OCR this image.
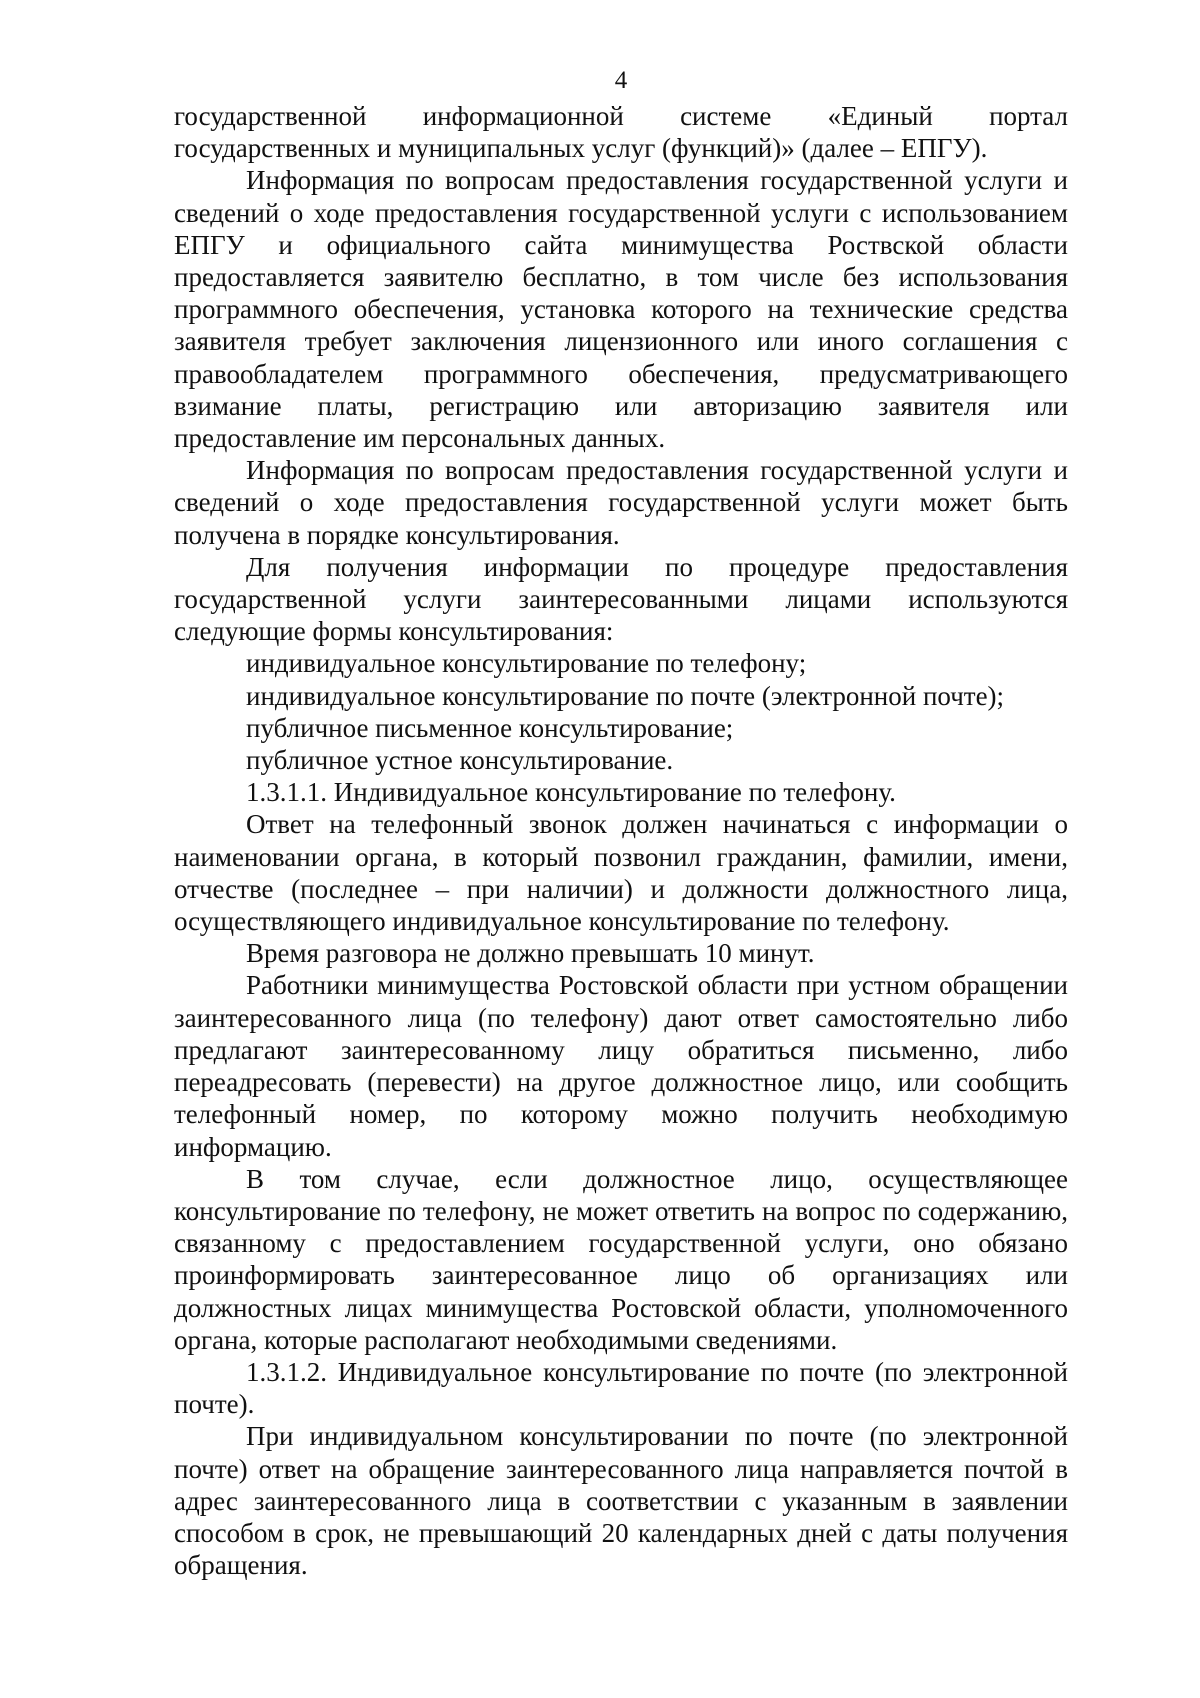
4

государственной информационной системе «Единый портал государственных и муниципальных услуг (функций)» (далее – ЕПГУ).

Информация по вопросам предоставления государственной услуги и сведений о ходе предоставления государственной услуги с использованием ЕПГУ и официального сайта минимущества Роствской области предоставляется заявителю бесплатно, в том числе без использования программного обеспечения, установка которого на технические средства заявителя требует заключения лицензионного или иного соглашения с правообладателем программного обеспечения, предусматривающего взимание платы, регистрацию или авторизацию заявителя или предоставление им персональных данных.

Информация по вопросам предоставления государственной услуги и сведений о ходе предоставления государственной услуги может быть получена в порядке консультирования.

Для получения информации по процедуре предоставления государственной услуги заинтересованными лицами используются следующие формы консультирования:

индивидуальное консультирование по телефону;

индивидуальное консультирование по почте (электронной почте);

публичное письменное консультирование;

публичное устное консультирование.

1.3.1.1. Индивидуальное консультирование по телефону.

Ответ на телефонный звонок должен начинаться с информации о наименовании органа, в который позвонил гражданин, фамилии, имени, отчестве (последнее – при наличии) и должности должностного лица, осуществляющего индивидуальное консультирование по телефону.

Время разговора не должно превышать 10 минут.

Работники минимущества Ростовской области при устном обращении заинтересованного лица (по телефону) дают ответ самостоятельно либо предлагают заинтересованному лицу обратиться письменно, либо переадресовать (перевести) на другое должностное лицо, или сообщить телефонный номер, по которому можно получить необходимую информацию.

В том случае, если должностное лицо, осуществляющее консультирование по телефону, не может ответить на вопрос по содержанию, связанному с предоставлением государственной услуги, оно обязано проинформировать заинтересованное лицо об организациях или должностных лицах минимущества Ростовской области, уполномоченного органа, которые располагают необходимыми сведениями.

1.3.1.2. Индивидуальное консультирование по почте (по электронной почте).

При индивидуальном консультировании по почте (по электронной почте) ответ на обращение заинтересованного лица направляется почтой в адрес заинтересованного лица в соответствии с указанным в заявлении способом в срок, не превышающий 20 календарных дней с даты получения обращения.
